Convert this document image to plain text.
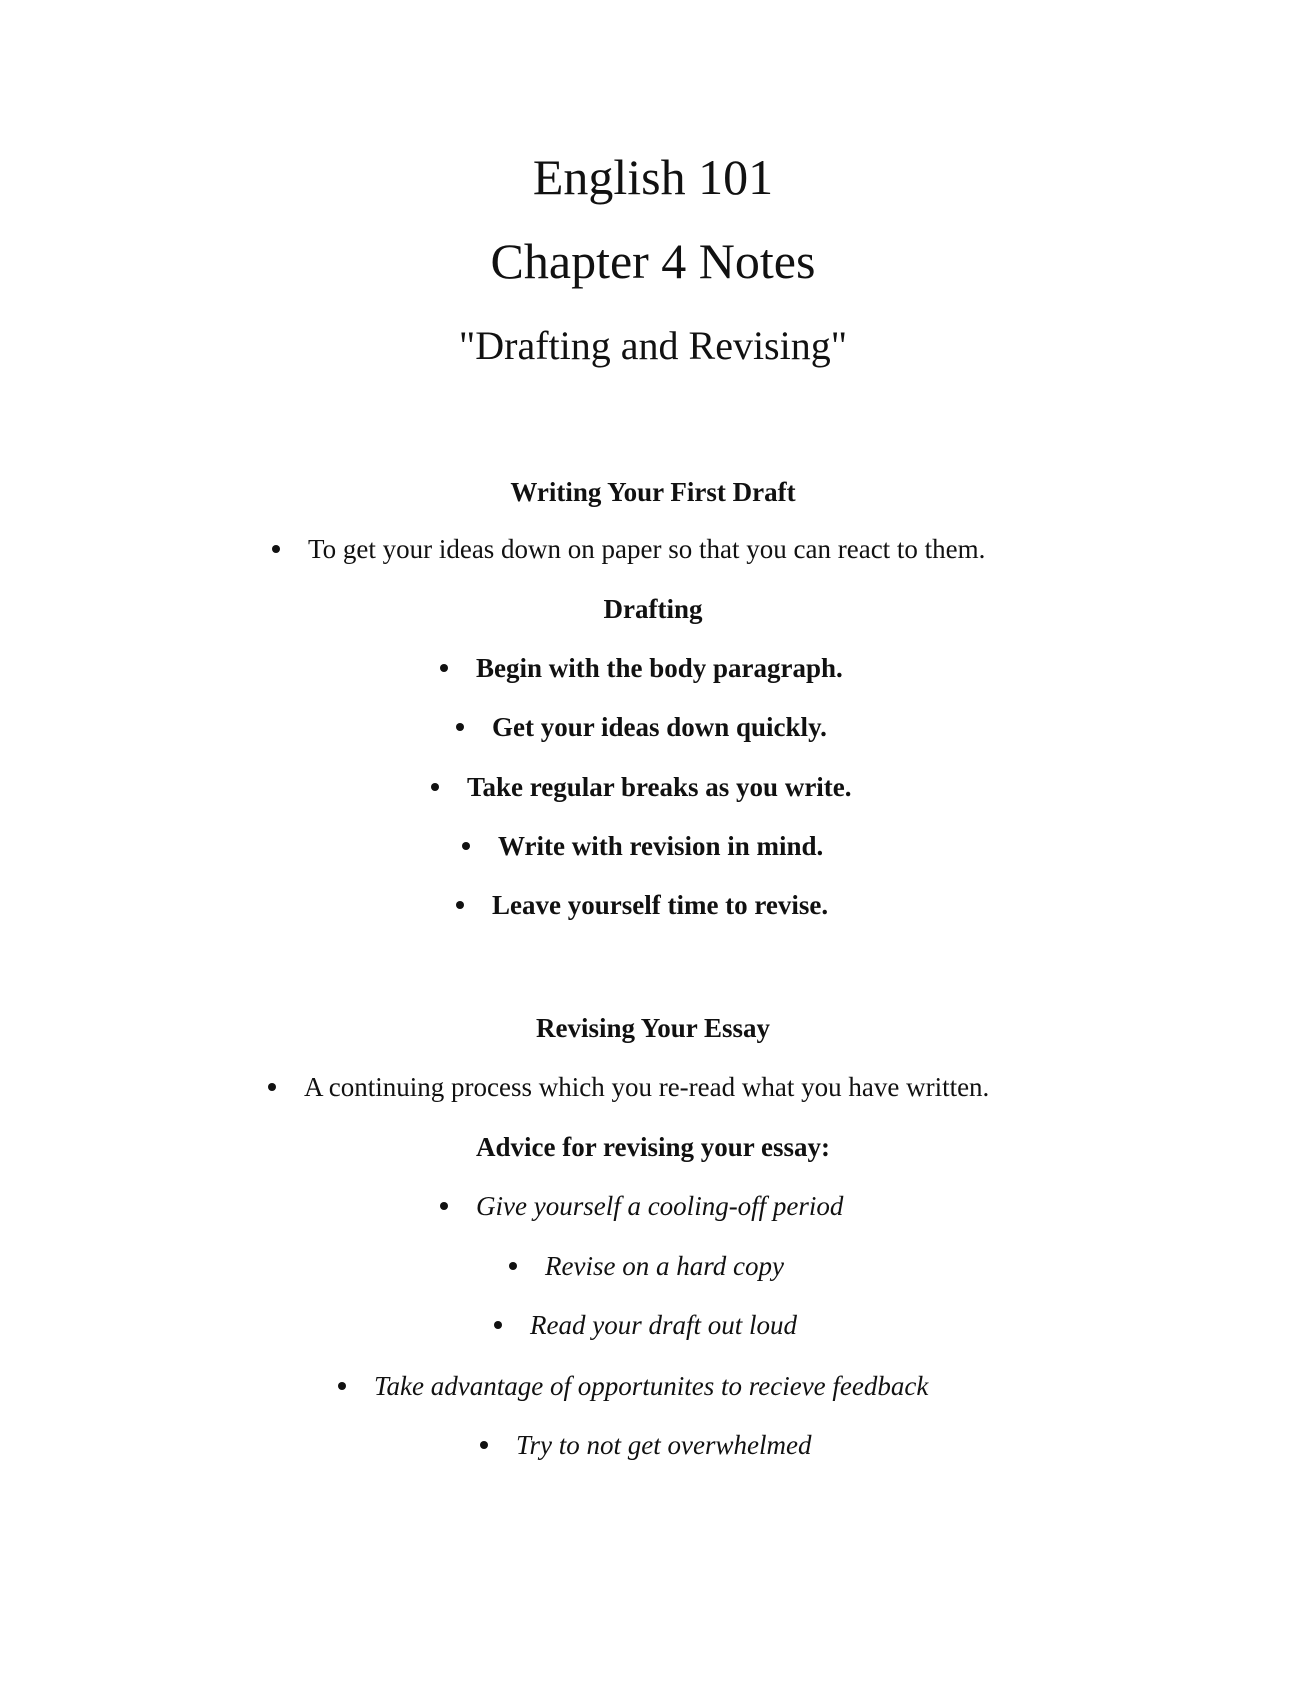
English 101
Chapter 4 Notes
"Drafting and Revising"
Writing Your First Draft
To get your ideas down on paper so that you can react to them.
Drafting
Begin with the body paragraph.
Get your ideas down quickly.
Take regular breaks as you write.
Write with revision in mind.
Leave yourself time to revise.
Revising Your Essay
A continuing process which you re-read what you have written.
Advice for revising your essay:
Give yourself a cooling-off period
Revise on a hard copy
Read your draft out loud
Take advantage of opportunites to recieve feedback
Try to not get overwhelmed
